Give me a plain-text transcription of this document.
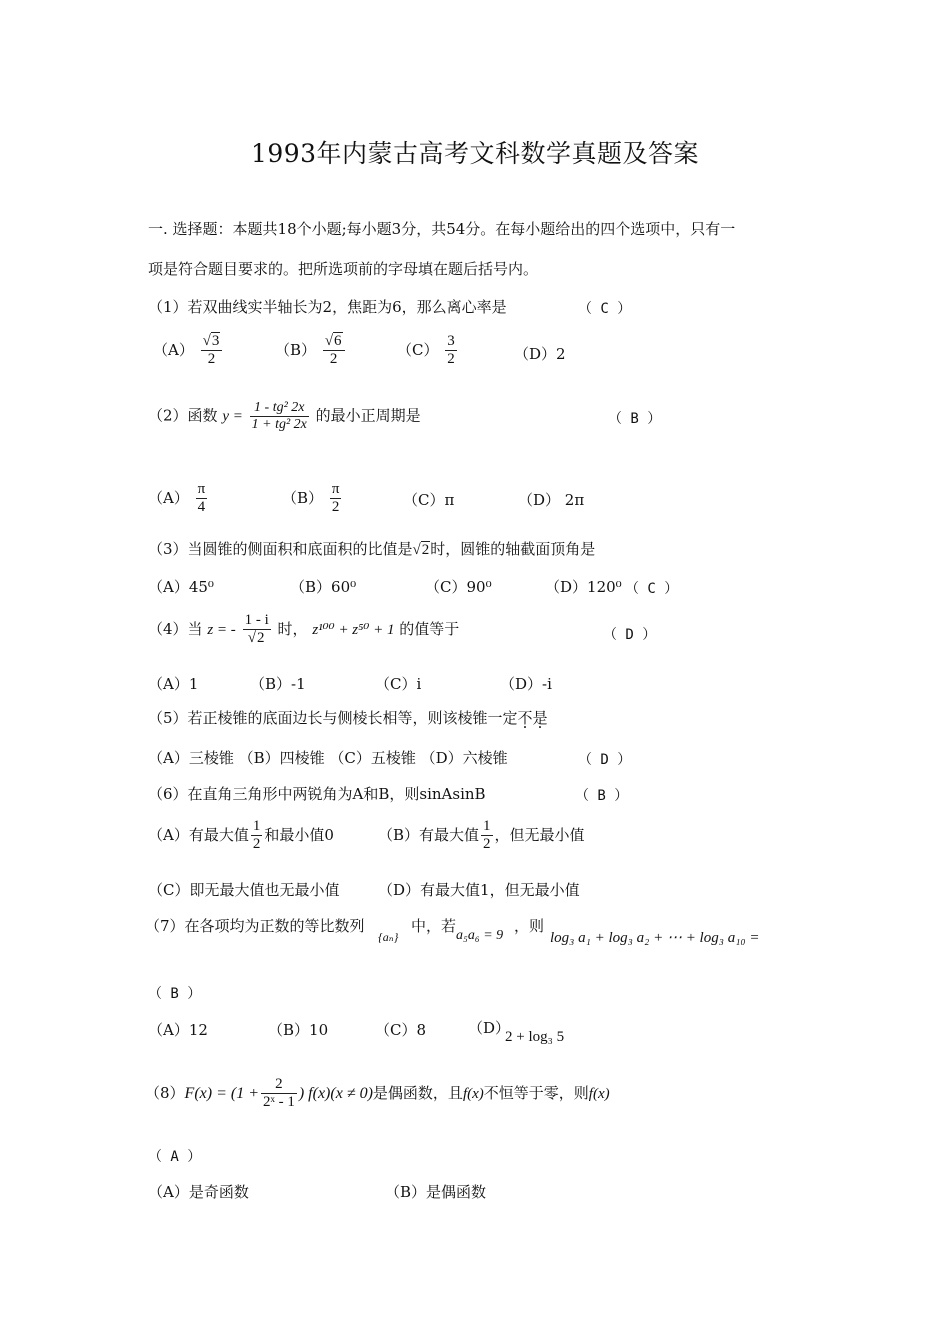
1993年内蒙古高考文科数学真题及答案
一. 选择题：本题共18个小题;每小题3分，共54分。在每小题给出的四个选项中，只有一
项是符合题目要求的。把所选项前的字母填在题后括号内。
（1）若双曲线实半轴长为2，焦距为6，那么离心率是	（ C ）
$(A) \frac{√3}{2}$	$(B) \frac{√6}{2}$	$(C) \frac{3}{2}$	（D）2
（2）函数 $y = \frac{\text{1 - tg² 2x}}{\text{1 + tg² 2x}}$ 的最小正周期是	（ B ）
$(A) \frac{\pi}{4}$	$(B) \frac{\pi}{2}$	（C）π	（D） 2π
（3）当圆锥的侧面积和底面积的比值是√2时，圆锥的轴截面顶角是
（A）45⁰	（B）60⁰	（C）90⁰	（D）120⁰ （ C ）
（4）当 z = - $\frac{1 - i}{√2}$ 时， z¹⁰⁰ + z⁵⁰ + 1 的值等于	（ D ）
（A）1	（B）-1	（C）i	（D）-i
（5）若正棱锥的底面边长与侧棱长相等，则该棱锥一定不是
（A）三棱锥 （B）四棱锥 （C）五棱锥 （D）六棱锥	（ D ）
（6）在直角三角形中两锐角为A和B，则sinAsinB	（ B ）
（A）有最大值 $\frac{1}{2}$ 和最小值0	（B）有最大值 $\frac{1}{2}$ ，但无最小值
（C）即无最大值也无最小值	（D）有最大值1，但无最小值
（7）在各项均为正数的等比数列
{aₙ}
中，若
a₅a₆ = 9
，则
log₃ a₁ + log₃ a₂ + ⋯ + log₃ a₁₀ =
（ B ）
（A）12	（B）10	（C）8	（D）
2 + log₃ 5
$(8)F(x) = (1 + \frac{2}{\text{2ˣ - 1}}$ ) f(x)(x ≠ 0)是偶函数，且f(x)不恒等于零，则f(x)
（ A ）
（A）是奇函数	（B）是偶函数
